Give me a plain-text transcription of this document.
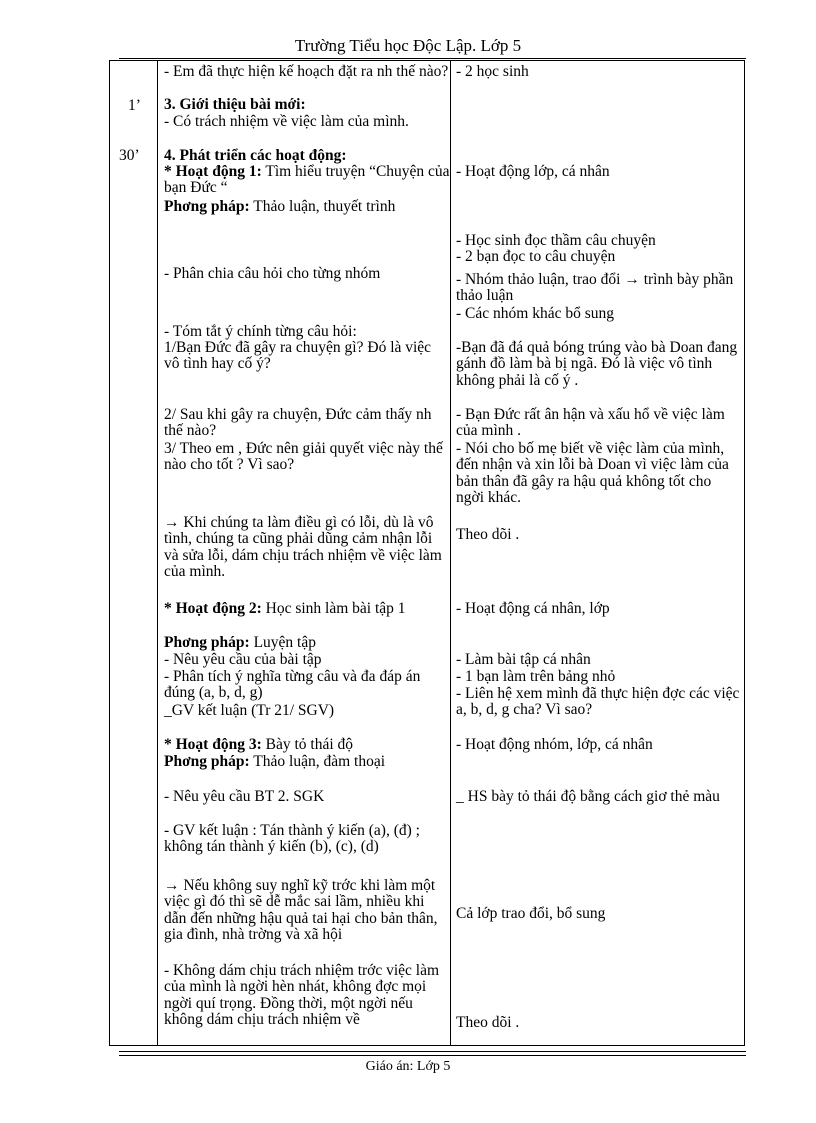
Trường Tiểu học Độc Lập. Lớp 5
1’
30’
- Em đã thực hiện kế hoạch đặt ra nh thế nào?
3. Giới thiệu bài mới:
- Có trách nhiệm về việc làm của mình.
4. Phát triển các hoạt động:
* Hoạt động 1: Tìm hiểu truyện “Chuyện của bạn Đức “
Phơng pháp: Thảo luận, thuyết trình
- Phân chia câu hỏi cho từng nhóm
- Tóm tắt ý chính từng câu hỏi:
1/Bạn Đức đã gây ra chuyện gì? Đó là việc vô tình hay cố ý?
2/ Sau khi gây ra chuyện, Đức cảm thấy nh thế nào?
3/ Theo em , Đức nên giải quyết việc này thế nào cho tốt ? Vì sao?
→ Khi chúng ta làm điều gì có lỗi, dù là vô tình, chúng ta cũng phải dũng cảm nhận lỗi và sửa lỗi, dám chịu trách nhiệm về việc làm của mình.
* Hoạt động 2: Học sinh làm bài tập 1
Phơng pháp: Luyện tập
- Nêu yêu cầu của bài tập
- Phân tích ý nghĩa từng câu và đa đáp án đúng (a, b, d, g)
_GV kết luận (Tr 21/ SGV)
* Hoạt động 3: Bày tỏ thái độ
Phơng pháp: Thảo luận, đàm thoại
- Nêu yêu cầu BT 2. SGK
- GV kết luận : Tán thành ý kiến (a), (đ) ; không tán thành ý kiến (b), (c), (d)
→ Nếu không suy nghĩ kỹ trớc khi làm một việc gì đó thì sẽ dễ mắc sai lầm, nhiều khi dẫn đến những hậu quả tai hại cho bản thân, gia đình, nhà trờng và xã hội
- Không dám chịu trách nhiệm trớc việc làm của mình là ngời hèn nhát, không đợc mọi ngời quí trọng. Đồng thời, một ngời nếu không dám chịu trách nhiệm về
- 2 học sinh
- Hoạt động lớp, cá nhân
- Học sinh đọc thầm câu chuyện
- 2 bạn đọc to câu chuyện
- Nhóm thảo luận, trao đổi → trình bày phần thảo luận
- Các nhóm khác bổ sung
-Bạn đã đá quả bóng trúng vào bà Doan đang gánh đồ làm bà bị ngã. Đó là việc vô tình không phải là cố ý .
- Bạn Đức rất ân hận và xấu hổ về việc làm của mình .
- Nói cho bố mẹ biết về việc làm của mình, đến nhận và xin lỗi bà Doan vì việc làm của bản thân đã gây ra hậu quả không tốt cho ngời khác.
Theo dõi .
- Hoạt động cá nhân, lớp
- Làm bài tập cá nhân
- 1 bạn làm trên bảng nhỏ
- Liên hệ xem mình đã thực hiện đợc các việc a, b, d, g cha? Vì sao?
- Hoạt động nhóm, lớp, cá nhân
_ HS bày tỏ thái độ bằng cách giơ thẻ màu
Cả lớp trao đổi, bổ sung
Theo dõi .
Giáo án: Lớp 5
